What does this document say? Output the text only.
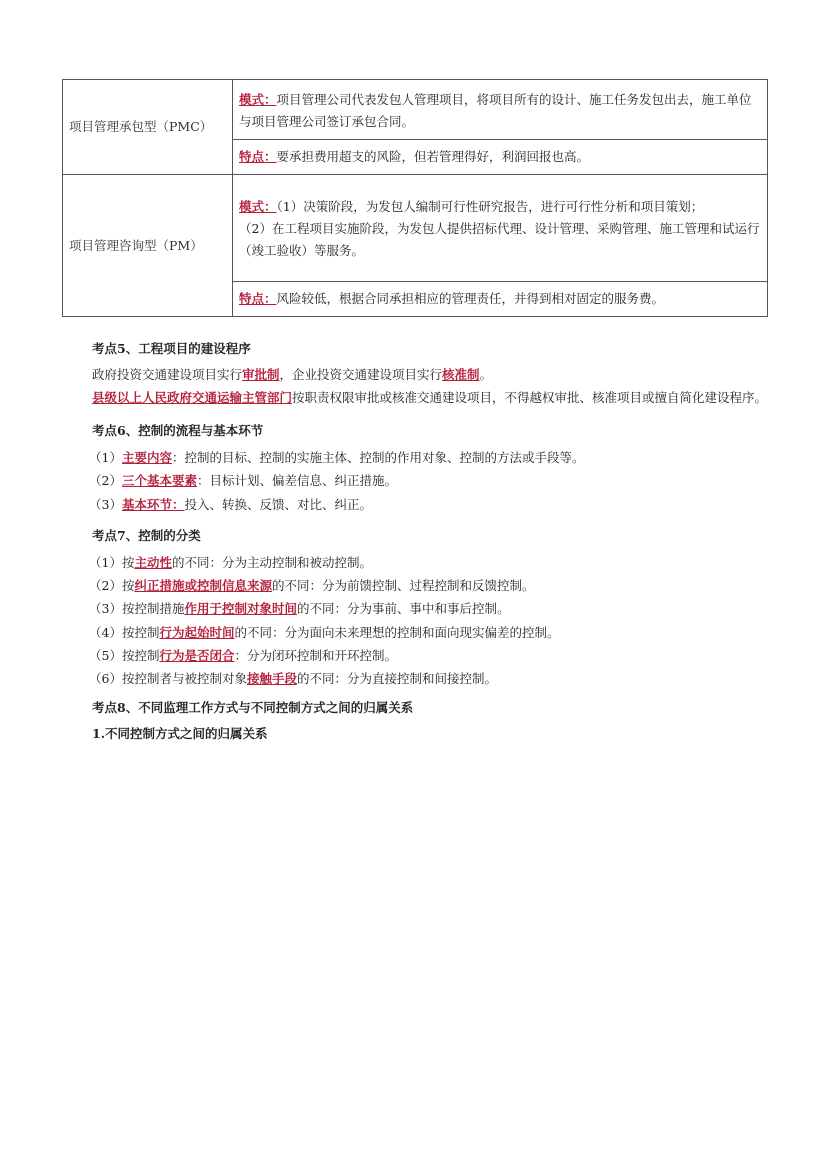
项目管理承包型（PMC）	模式：项目管理公司代表发包人管理项目，将项目所有的设计、施工任务发包出去，施工单位与项目管理公司签订承包合同。
	特点：要承担费用超支的风险，但若管理得好，利润回报也高。
项目管理咨询型（PM）	模式：（1）决策阶段，为发包人编制可行性研究报告，进行可行性分析和项目策划；
（2）在工程项目实施阶段，为发包人提供招标代理、设计管理、采购管理、施工管理和试运行（竣工验收）等服务。
	特点：风险较低，根据合同承担相应的管理责任，并得到相对固定的服务费。

考点5、工程项目的建设程序

政府投资交通建设项目实行审批制，企业投资交通建设项目实行核准制。

县级以上人民政府交通运输主管部门按职责权限审批或核准交通建设项目，不得越权审批、核准项目或擅自简化建设程序。

考点6、控制的流程与基本环节

（1）主要内容：控制的目标、控制的实施主体、控制的作用对象、控制的方法或手段等。

（2）三个基本要素：目标计划、偏差信息、纠正措施。

（3）基本环节：投入、转换、反馈、对比、纠正。

考点7、控制的分类

（1）按主动性的不同：分为主动控制和被动控制。

（2）按纠正措施或控制信息来源的不同：分为前馈控制、过程控制和反馈控制。

（3）按控制措施作用于控制对象时间的不同：分为事前、事中和事后控制。

（4）按控制行为起始时间的不同：分为面向未来理想的控制和面向现实偏差的控制。

（5）按控制行为是否闭合：分为闭环控制和开环控制。

（6）按控制者与被控制对象接触手段的不同：分为直接控制和间接控制。

考点8、不同监理工作方式与不同控制方式之间的归属关系

1.不同控制方式之间的归属关系
